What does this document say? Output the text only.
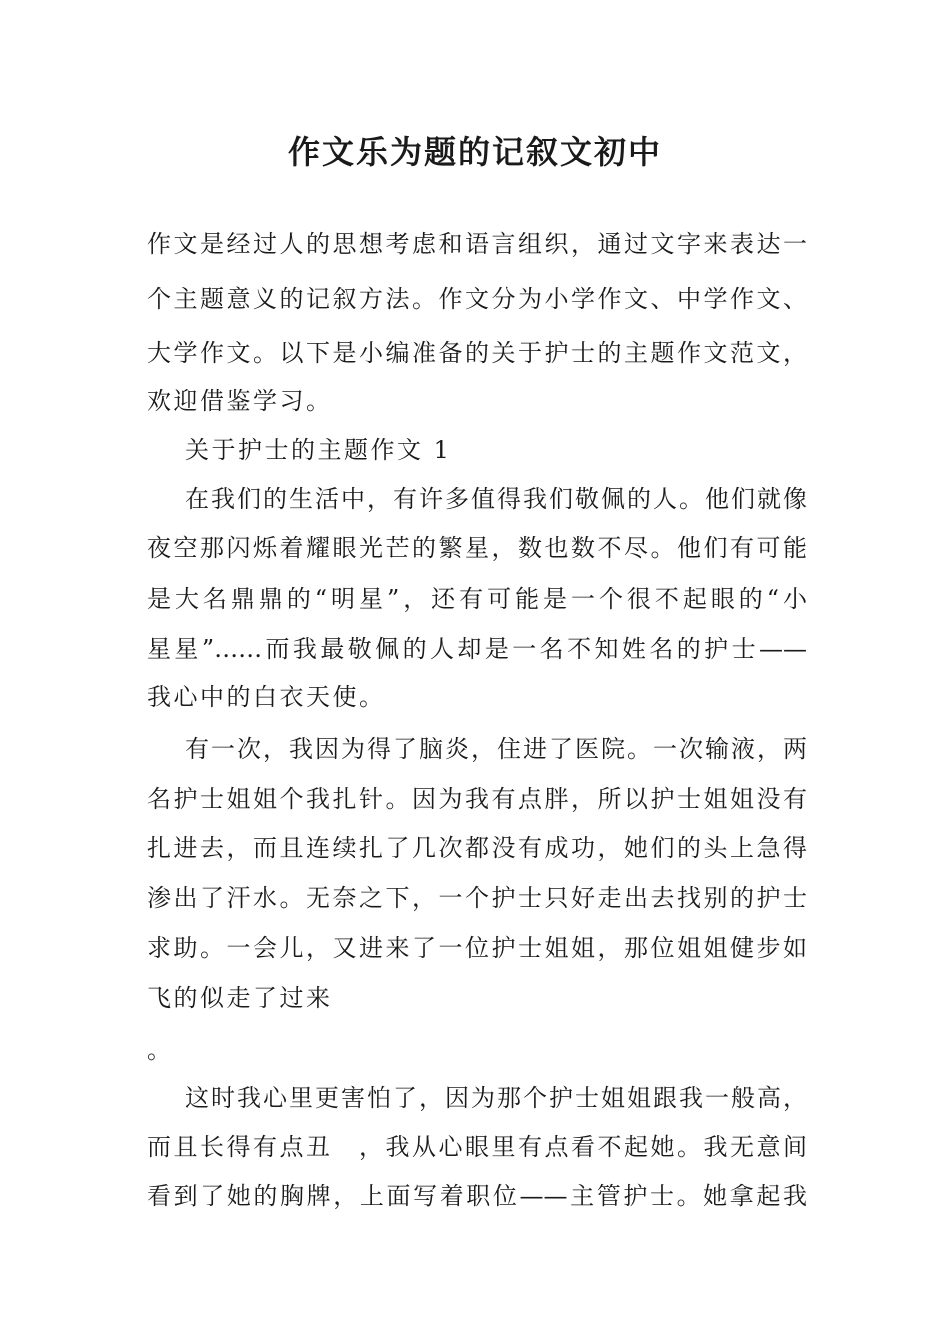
作文乐为题的记叙文初中
作文是经过人的思想考虑和语言组织，通过文字来表达一
个主题意义的记叙方法。作文分为小学作文、中学作文、
大学作文。以下是小编准备的关于护士的主题作文范文，
欢迎借鉴学习。
关于护士的主题作文 1
在我们的生活中，有许多值得我们敬佩的人。他们就像
夜空那闪烁着耀眼光芒的繁星，数也数不尽。他们有可能
是大名鼎鼎的“明星”，还有可能是一个很不起眼的“小
星星”……而我最敬佩的人却是一名不知姓名的护士——
我心中的白衣天使。
有一次，我因为得了脑炎，住进了医院。一次输液，两
名护士姐姐个我扎针。因为我有点胖，所以护士姐姐没有
扎进去，而且连续扎了几次都没有成功，她们的头上急得
渗出了汗水。无奈之下，一个护士只好走出去找别的护士
求助。一会儿，又进来了一位护士姐姐，那位姐姐健步如
飞的似走了过来
。
这时我心里更害怕了，因为那个护士姐姐跟我一般高，
而且长得有点丑　，我从心眼里有点看不起她。我无意间
看到了她的胸牌，上面写着职位——主管护士。她拿起我
